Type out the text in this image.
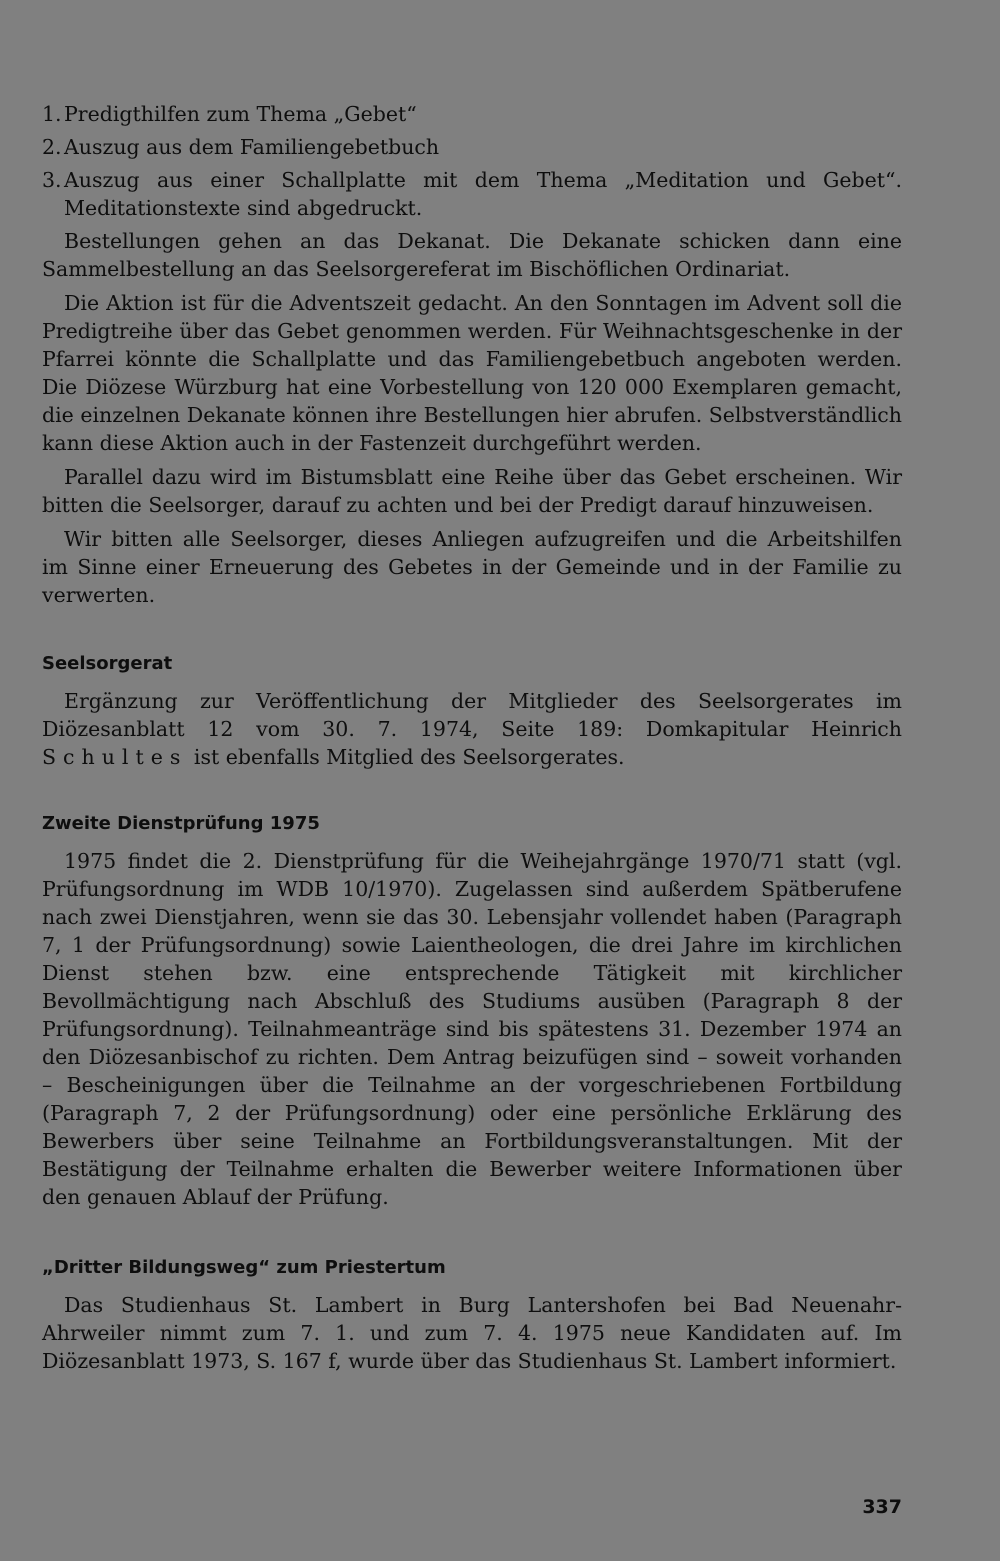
1. Predigthilfen zum Thema „Gebet“
2. Auszug aus dem Familiengebetbuch
3. Auszug aus einer Schallplatte mit dem Thema „Meditation und Gebet“. Meditationstexte sind abgedruckt.

Bestellungen gehen an das Dekanat. Die Dekanate schicken dann eine Sammelbestellung an das Seelsorgereferat im Bischöflichen Ordinariat.

Die Aktion ist für die Adventszeit gedacht. An den Sonntagen im Advent soll die Predigtreihe über das Gebet genommen werden. Für Weihnachtsgeschenke in der Pfarrei könnte die Schallplatte und das Familiengebetbuch angeboten werden. Die Diözese Würzburg hat eine Vorbestellung von 120 000 Exemplaren gemacht, die einzelnen Dekanate können ihre Bestellungen hier abrufen. Selbstverständlich kann diese Aktion auch in der Fastenzeit durchgeführt werden.

Parallel dazu wird im Bistumsblatt eine Reihe über das Gebet erscheinen. Wir bitten die Seelsorger, darauf zu achten und bei der Predigt darauf hinzuweisen.

Wir bitten alle Seelsorger, dieses Anliegen aufzugreifen und die Arbeitshilfen im Sinne einer Erneuerung des Gebetes in der Gemeinde und in der Familie zu verwerten.

Seelsorgerat

Ergänzung zur Veröffentlichung der Mitglieder des Seelsorgerates im Diözesanblatt 12 vom 30. 7. 1974, Seite 189: Domkapitular Heinrich Schultes ist ebenfalls Mitglied des Seelsorgerates.

Zweite Dienstprüfung 1975

1975 findet die 2. Dienstprüfung für die Weihejahrgänge 1970/71 statt (vgl. Prüfungsordnung im WDB 10/1970). Zugelassen sind außerdem Spätberufene nach zwei Dienstjahren, wenn sie das 30. Lebensjahr vollendet haben (Paragraph 7, 1 der Prüfungsordnung) sowie Laientheologen, die drei Jahre im kirchlichen Dienst stehen bzw. eine entsprechende Tätigkeit mit kirchlicher Bevollmächtigung nach Abschluß des Studiums ausüben (Paragraph 8 der Prüfungsordnung). Teilnahmeanträge sind bis spätestens 31. Dezember 1974 an den Diözesanbischof zu richten. Dem Antrag beizufügen sind – soweit vorhanden – Bescheinigungen über die Teilnahme an der vorgeschriebenen Fortbildung (Paragraph 7, 2 der Prüfungsordnung) oder eine persönliche Erklärung des Bewerbers über seine Teilnahme an Fortbildungsveranstaltungen. Mit der Bestätigung der Teilnahme erhalten die Bewerber weitere Informationen über den genauen Ablauf der Prüfung.

„Dritter Bildungsweg“ zum Priestertum

Das Studienhaus St. Lambert in Burg Lantershofen bei Bad Neuenahr-Ahrweiler nimmt zum 7. 1. und zum 7. 4. 1975 neue Kandidaten auf. Im Diözesanblatt 1973, S. 167 f, wurde über das Studienhaus St. Lambert informiert.

337
